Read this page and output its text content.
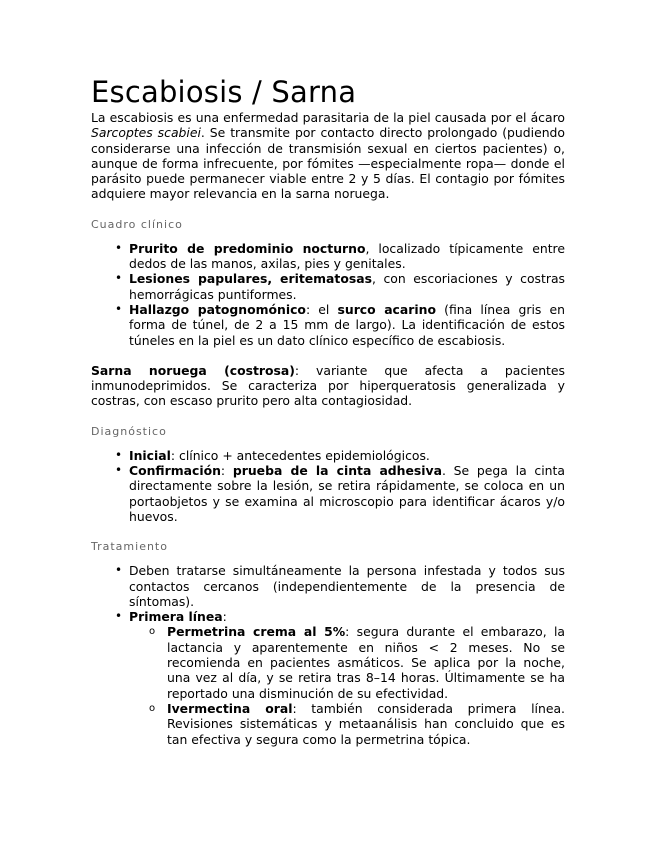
Escabiosis / Sarna

La escabiosis es una enfermedad parasitaria de la piel causada por el ácaro Sarcoptes scabiei. Se transmite por contacto directo prolongado (pudiendo considerarse una infección de transmisión sexual en ciertos pacientes) o, aunque de forma infrecuente, por fómites —especialmente ropa— donde el parásito puede permanecer viable entre 2 y 5 días. El contagio por fómites adquiere mayor relevancia en la sarna noruega.

Cuadro clínico
• Prurito de predominio nocturno, localizado típicamente entre dedos de las manos, axilas, pies y genitales.
• Lesiones papulares, eritematosas, con escoriaciones y costras hemorrágicas puntiformes.
• Hallazgo patognomónico: el surco acarino (fina línea gris en forma de túnel, de 2 a 15 mm de largo). La identificación de estos túneles en la piel es un dato clínico específico de escabiosis.

Sarna noruega (costrosa): variante que afecta a pacientes inmunodeprimidos. Se caracteriza por hiperqueratosis generalizada y costras, con escaso prurito pero alta contagiosidad.

Diagnóstico
• Inicial: clínico + antecedentes epidemiológicos.
• Confirmación: prueba de la cinta adhesiva. Se pega la cinta directamente sobre la lesión, se retira rápidamente, se coloca en un portaobjetos y se examina al microscopio para identificar ácaros y/o huevos.
Tratamiento
• Deben tratarse simultáneamente la persona infestada y todos sus contactos cercanos (independientemente de la presencia de síntomas).
• Primera línea:
o Permetrina crema al 5%: segura durante el embarazo, la lactancia y aparentemente en niños < 2 meses. No se recomienda en pacientes asmáticos. Se aplica por la noche, una vez al día, y se retira tras 8–14 horas. Últimamente se ha reportado una disminución de su efectividad.
o Ivermectina oral: también considerada primera línea. Revisiones sistemáticas y metaanálisis han concluido que es tan efectiva y segura como la permetrina tópica.
